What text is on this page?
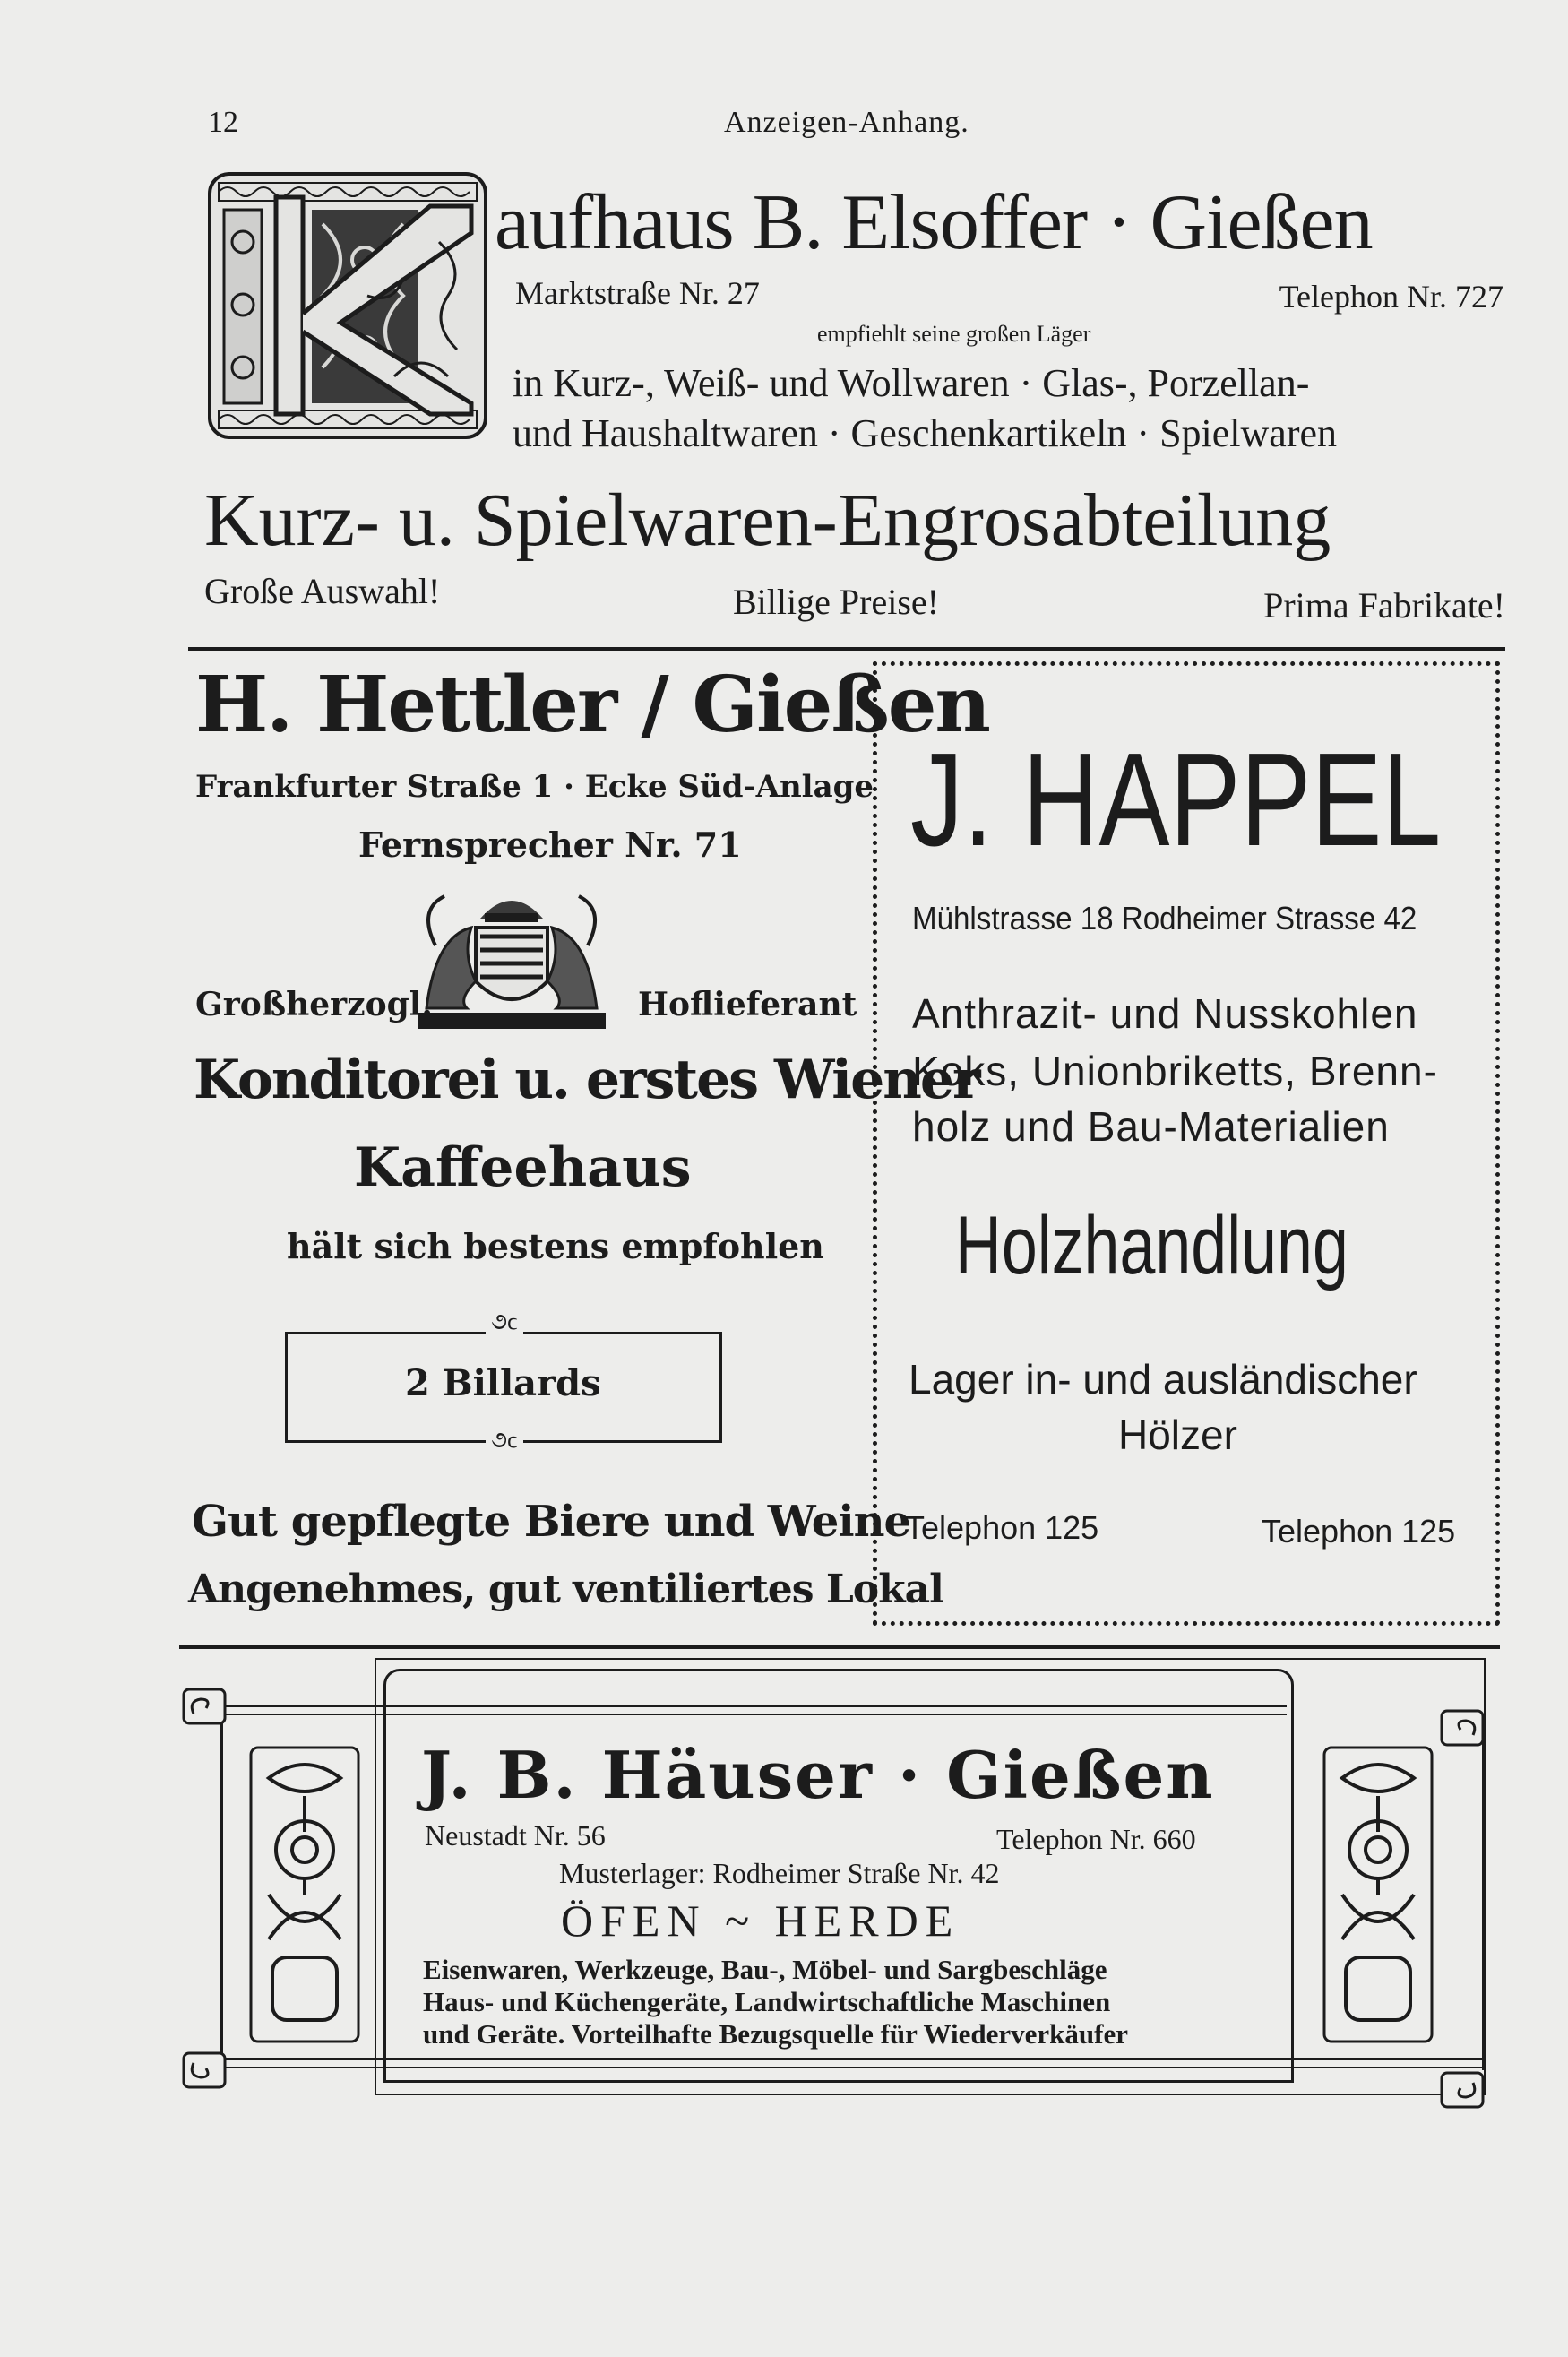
12	Anzeigen-Anhang.
aufhaus B. Elsoffer · Gießen
Marktstraße Nr. 27	Telephon Nr. 727
empfiehlt seine großen Läger
in Kurz-, Weiß- und Wollwaren · Glas-, Porzellan-
und Haushaltwaren · Geschenkartikeln · Spielwaren
Kurz- u. Spielwaren-Engrosabteilung
Große Auswahl!	Billige Preise!	Prima Fabrikate!
H. Hettler / Gießen
Frankfurter Straße 1 · Ecke Süd-Anlage
Fernsprecher Nr. 71
Großherzogl.	Hoflieferant
Konditorei u. erstes Wiener
Kaffeehaus
hält sich bestens empfohlen
૭ϲ
૭ϲ
2 Billards
Gut gepflegte Biere und Weine
Angenehmes, gut ventiliertes Lokal
J. HAPPEL
Mühlstrasse 18 Rodheimer Strasse 42
Anthrazit- und Nusskohlen
Koks, Unionbriketts, Brenn-
holz und Bau-Materialien
Holzhandlung
Lager in- und ausländischer
Hölzer
Telephon 125	Telephon 125
J. B. Häuser · Gießen
Neustadt Nr. 56	Telephon Nr. 660
Musterlager: Rodheimer Straße Nr. 42
ÖFEN ~ HERDE
Eisenwaren, Werkzeuge, Bau-, Möbel- und Sargbeschläge
Haus- und Küchengeräte, Landwirtschaftliche Maschinen
und Geräte. Vorteilhafte Bezugsquelle für Wiederverkäufer
